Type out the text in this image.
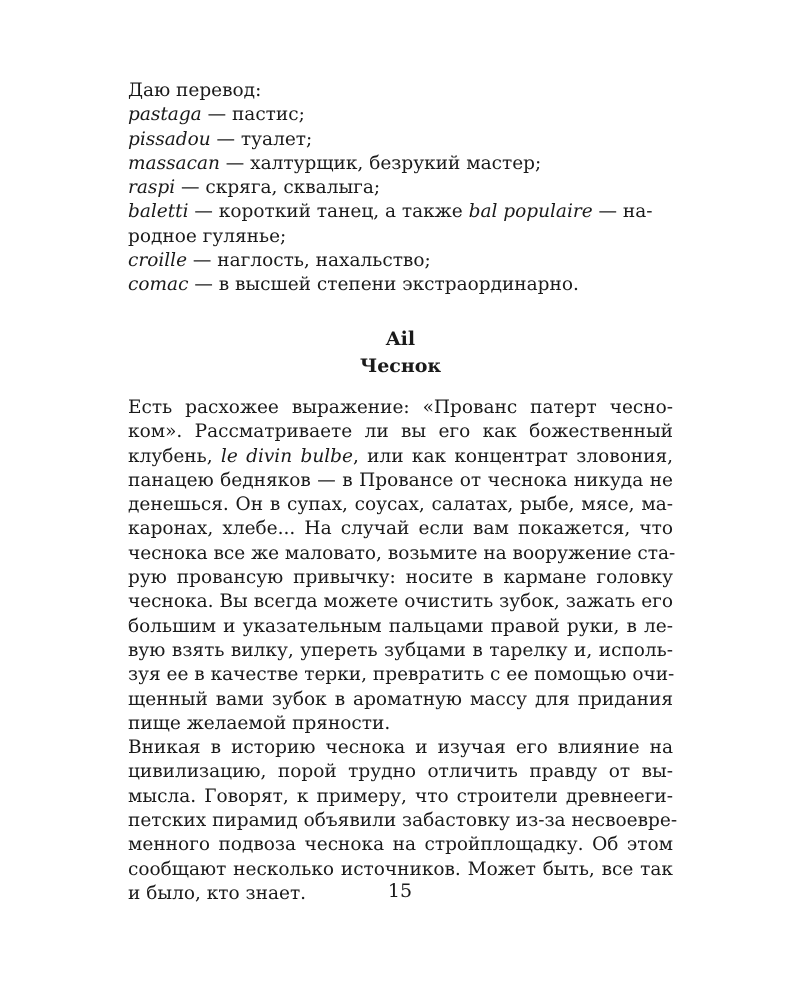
Даю перевод:
pastaga — пастис;
pissadou — туалет;
massacan — халтурщик, безрукий мастер;
raspi — скряга, сквалыга;
baletti — короткий танец, а также bal populaire — на-
родное гулянье;
croille — наглость, нахальство;
comac — в высшей степени экстраординарно.
Ail
Чеснок
Есть расхожее выражение: «Прованс патерт чесно-
ком». Рассматриваете ли вы его как божественный
клубень, le divin bulbe, или как концентрат зловония,
панацею бедняков — в Провансе от чеснока никуда не
денешься. Он в супах, соусах, салатах, рыбе, мясе, ма-
каронах, хлебе... На случай если вам покажется, что
чеснока все же маловато, возьмите на вооружение ста-
рую провансую привычку: носите в кармане головку
чеснока. Вы всегда можете очистить зубок, зажать его
большим и указательным пальцами правой руки, в ле-
вую взять вилку, упереть зубцами в тарелку и, исполь-
зуя ее в качестве терки, превратить с ее помощью очи-
щенный вами зубок в ароматную массу для придания
пище желаемой пряности.
Вникая в историю чеснока и изучая его влияние на
цивилизацию, порой трудно отличить правду от вы-
мысла. Говорят, к примеру, что строители древнееги-
петских пирамид объявили забастовку из-за несвоевре-
менного подвоза чеснока на стройплощадку. Об этом
сообщают несколько источников. Может быть, все так
и было, кто знает.	15
